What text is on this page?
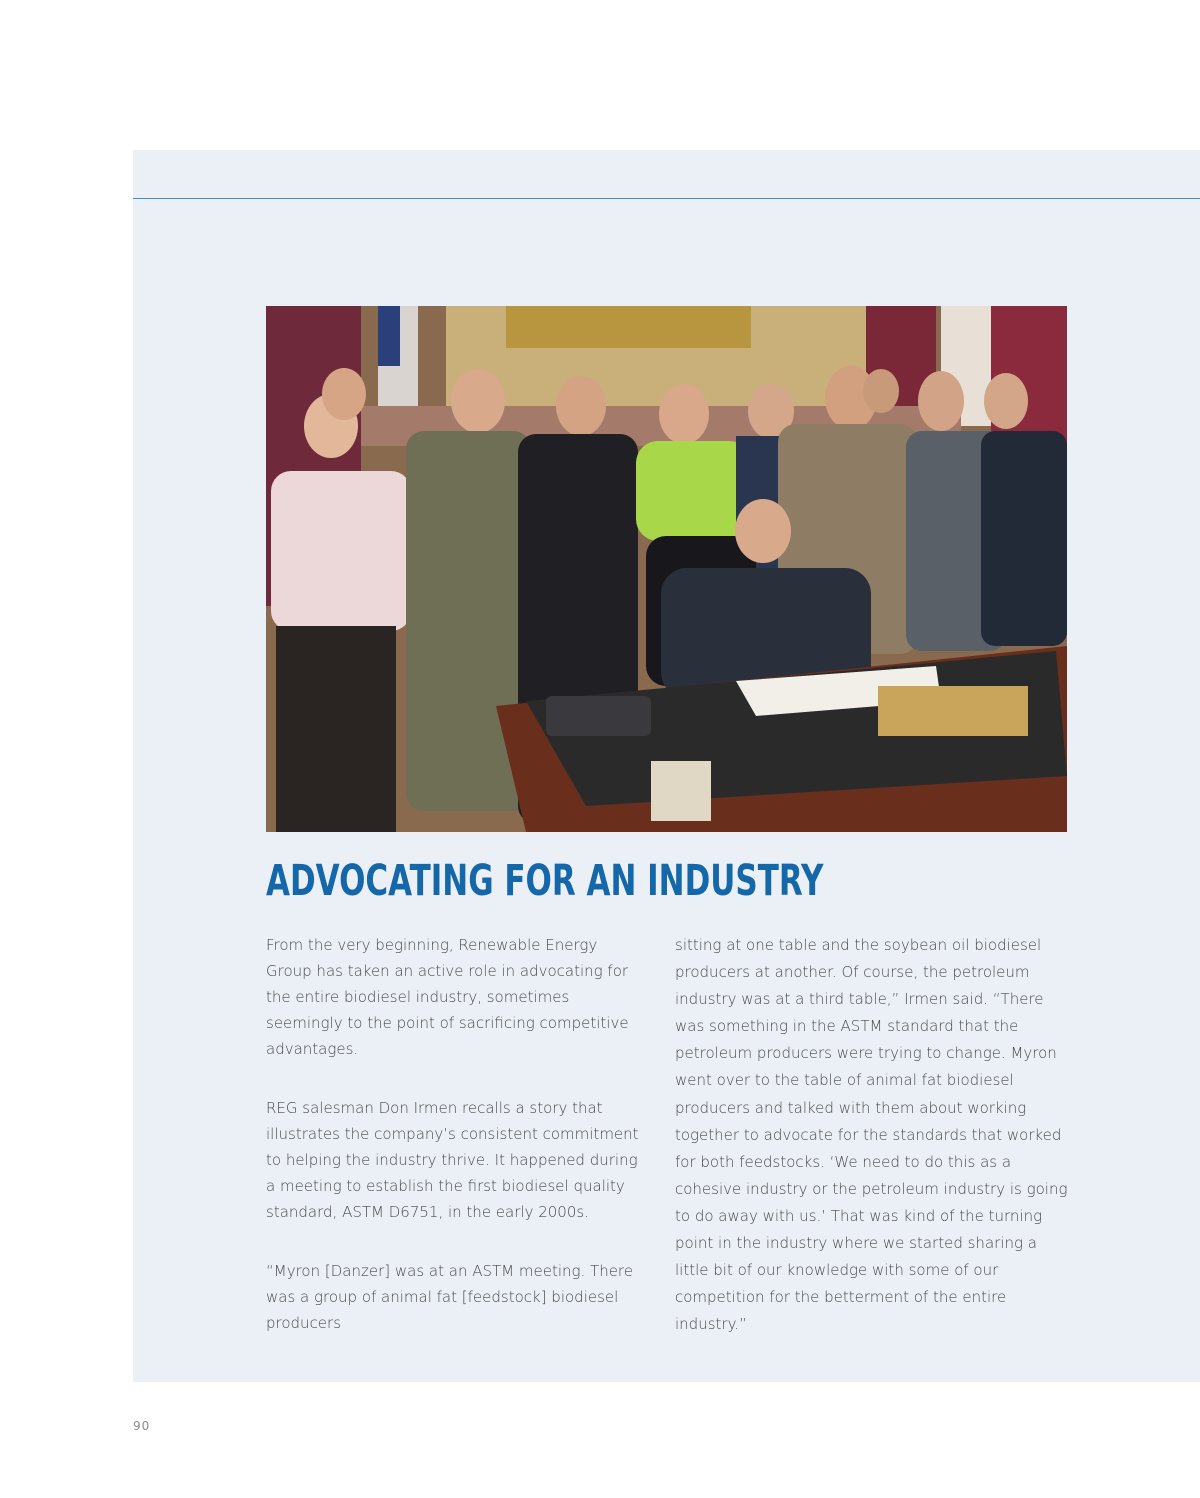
ADVOCATING FOR AN INDUSTRY

From the very beginning, Renewable Energy Group has taken an active role in advocating for the entire biodiesel industry, sometimes seemingly to the point of sacrificing competitive advantages.

REG salesman Don Irmen recalls a story that illustrates the company’s consistent commitment to helping the industry thrive. It happened during a meeting to establish the first biodiesel quality standard, ASTM D6751, in the early 2000s.

“Myron [Danzer] was at an ASTM meeting. There was a group of animal fat [feedstock] biodiesel producers

sitting at one table and the soybean oil biodiesel producers at another. Of course, the petroleum industry was at a third table,” Irmen said. “There was something in the ASTM standard that the petroleum producers were trying to change. Myron went over to the table of animal fat biodiesel producers and talked with them about working together to advocate for the standards that worked for both feedstocks. ‘We need to do this as a cohesive industry or the petroleum industry is going to do away with us.’ That was kind of the turning point in the industry where we started sharing a little bit of our knowledge with some of our competition for the betterment of the entire industry.”

90
